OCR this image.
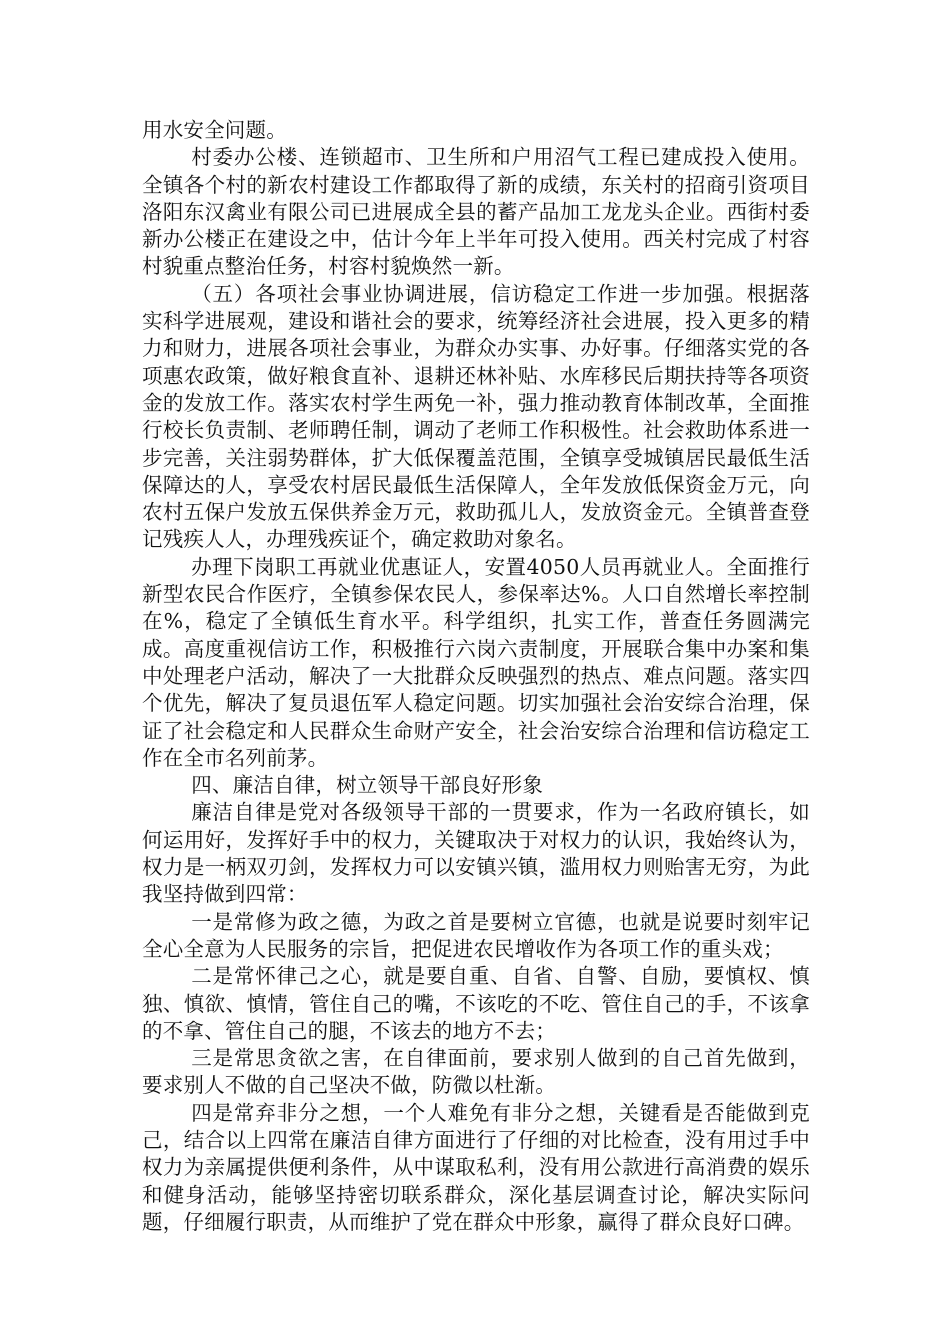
用水安全问题。

村委办公楼、连锁超市、卫生所和户用沼气工程已建成投入使用。全镇各个村的新农村建设工作都取得了新的成绩，东关村的招商引资项目洛阳东汉禽业有限公司已进展成全县的蓄产品加工龙龙头企业。西街村委新办公楼正在建设之中，估计今年上半年可投入使用。西关村完成了村容村貌重点整治任务，村容村貌焕然一新。

（五）各项社会事业协调进展，信访稳定工作进一步加强。根据落实科学进展观，建设和谐社会的要求，统筹经济社会进展，投入更多的精力和财力，进展各项社会事业，为群众办实事、办好事。仔细落实党的各项惠农政策，做好粮食直补、退耕还林补贴、水库移民后期扶持等各项资金的发放工作。落实农村学生两免一补，强力推动教育体制改革，全面推行校长负责制、老师聘任制，调动了老师工作积极性。社会救助体系进一步完善，关注弱势群体，扩大低保覆盖范围，全镇享受城镇居民最低生活保障达的人，享受农村居民最低生活保障人，全年发放低保资金万元，向农村五保户发放五保供养金万元，救助孤儿人，发放资金元。全镇普查登记残疾人人，办理残疾证个，确定救助对象名。

办理下岗职工再就业优惠证人，安置4050人员再就业人。全面推行新型农民合作医疗，全镇参保农民人，参保率达%。人口自然增长率控制在%，稳定了全镇低生育水平。科学组织，扎实工作，普查任务圆满完成。高度重视信访工作，积极推行六岗六责制度，开展联合集中办案和集中处理老户活动，解决了一大批群众反映强烈的热点、难点问题。落实四个优先，解决了复员退伍军人稳定问题。切实加强社会治安综合治理，保证了社会稳定和人民群众生命财产安全，社会治安综合治理和信访稳定工作在全市名列前茅。

四、廉洁自律，树立领导干部良好形象

廉洁自律是党对各级领导干部的一贯要求，作为一名政府镇长，如何运用好，发挥好手中的权力，关键取决于对权力的认识，我始终认为，权力是一柄双刃剑，发挥权力可以安镇兴镇，滥用权力则贻害无穷，为此我坚持做到四常：

一是常修为政之德，为政之首是要树立官德，也就是说要时刻牢记全心全意为人民服务的宗旨，把促进农民增收作为各项工作的重头戏；

二是常怀律己之心，就是要自重、自省、自警、自励，要慎权、慎独、慎欲、慎情，管住自己的嘴，不该吃的不吃、管住自己的手，不该拿的不拿、管住自己的腿，不该去的地方不去；

三是常思贪欲之害，在自律面前，要求别人做到的自己首先做到，要求别人不做的自己坚决不做，防微以杜渐。

四是常弃非分之想，一个人难免有非分之想，关键看是否能做到克己，结合以上四常在廉洁自律方面进行了仔细的对比检查，没有用过手中权力为亲属提供便利条件，从中谋取私利，没有用公款进行高消费的娱乐和健身活动，能够坚持密切联系群众，深化基层调查讨论，解决实际问题，仔细履行职责，从而维护了党在群众中形象，赢得了群众良好口碑。
